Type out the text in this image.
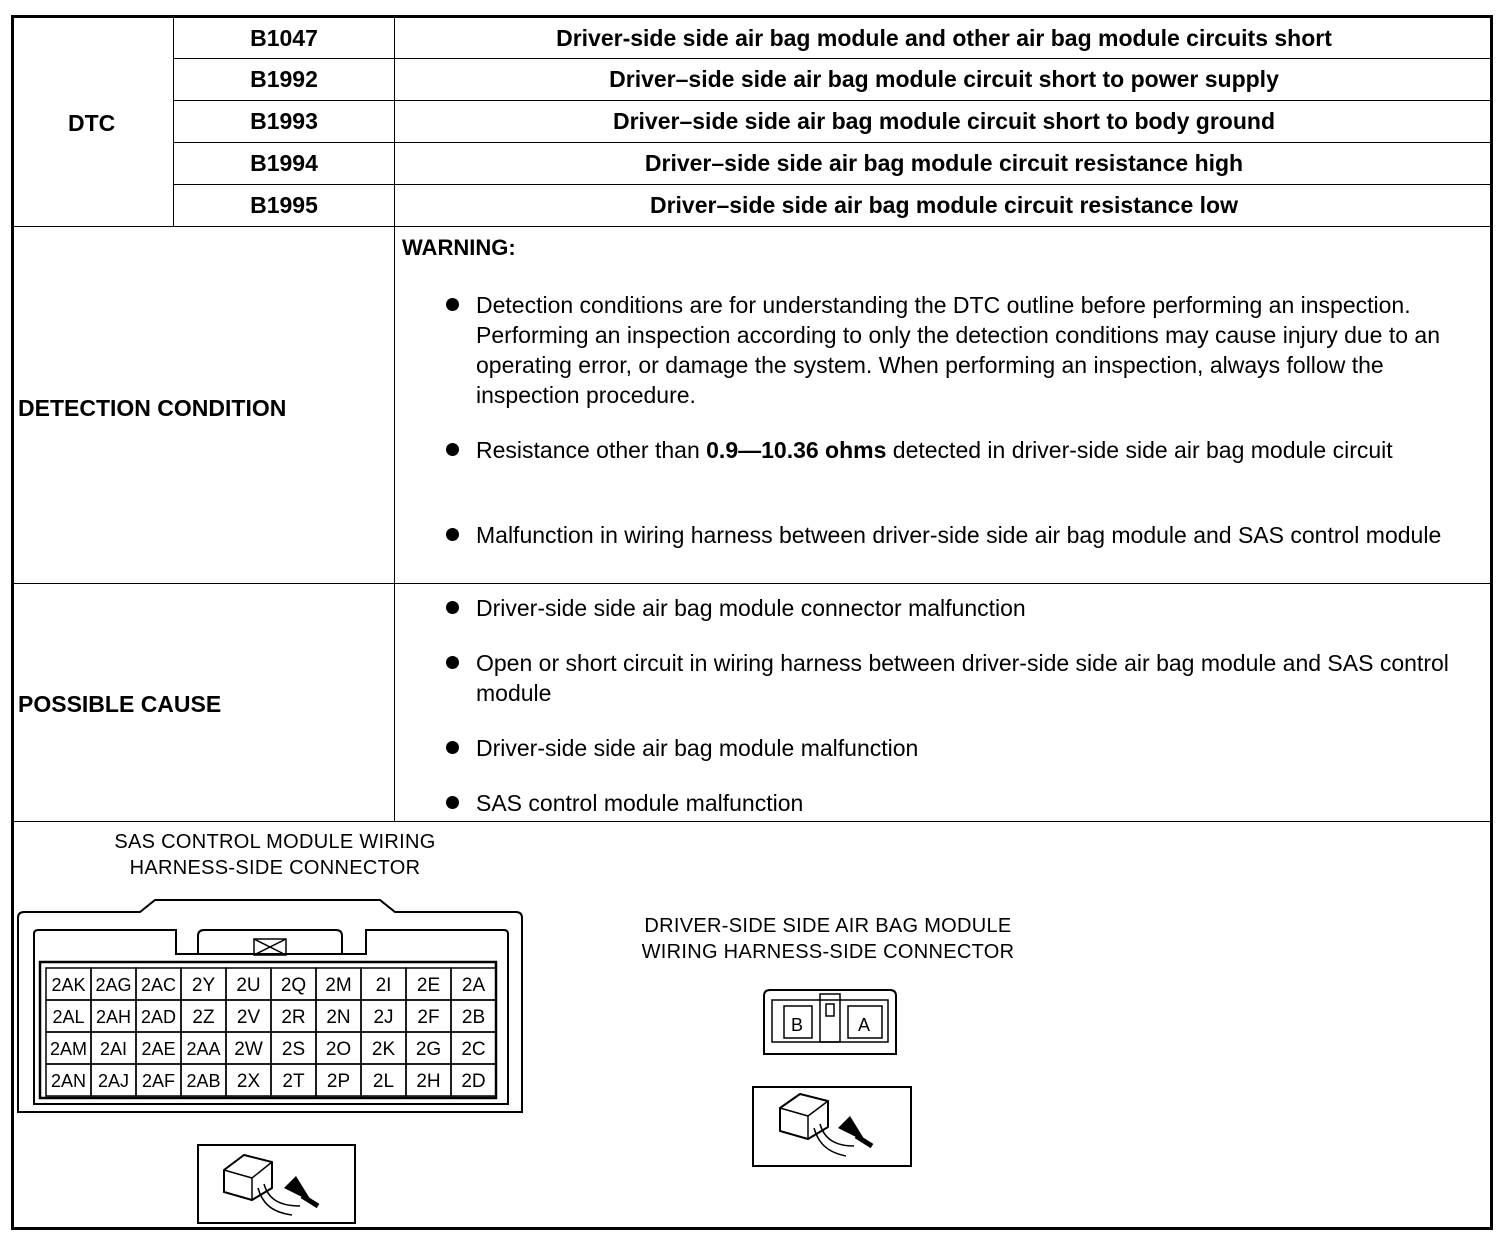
DTC
B1047
B1992
B1993
B1994
B1995
Driver-side side air bag module and other air bag module circuits short
Driver–side side air bag module circuit short to power supply
Driver–side side air bag module circuit short to body ground
Driver–side side air bag module circuit resistance high
Driver–side side air bag module circuit resistance low
DETECTION CONDITION
WARNING:
Detection conditions are for understanding the DTC outline before performing an inspection. Performing an inspection according to only the detection conditions may cause injury due to an operating error, or damage the system. When performing an inspection, always follow the inspection procedure.
Resistance other than 0.9—10.36 ohms detected in driver-side side air bag module circuit
Malfunction in wiring harness between driver-side side air bag module and SAS control module
POSSIBLE CAUSE
Driver-side side air bag module connector malfunction
Open or short circuit in wiring harness between driver-side side air bag module and SAS control module
Driver-side side air bag module malfunction
SAS control module malfunction
SAS CONTROL MODULE WIRING
HARNESS-SIDE CONNECTOR
DRIVER-SIDE SIDE AIR BAG MODULE
WIRING HARNESS-SIDE CONNECTOR
2AK 2AG 2AC 2Y 2U 2Q 2M 2I 2E 2A
2AL 2AH 2AD 2Z 2V 2R 2N 2J 2F 2B
2AM 2AI 2AE 2AA 2W 2S 2O 2K 2G 2C
2AN 2AJ 2AF 2AB 2X 2T 2P 2L 2H 2D
B	A
